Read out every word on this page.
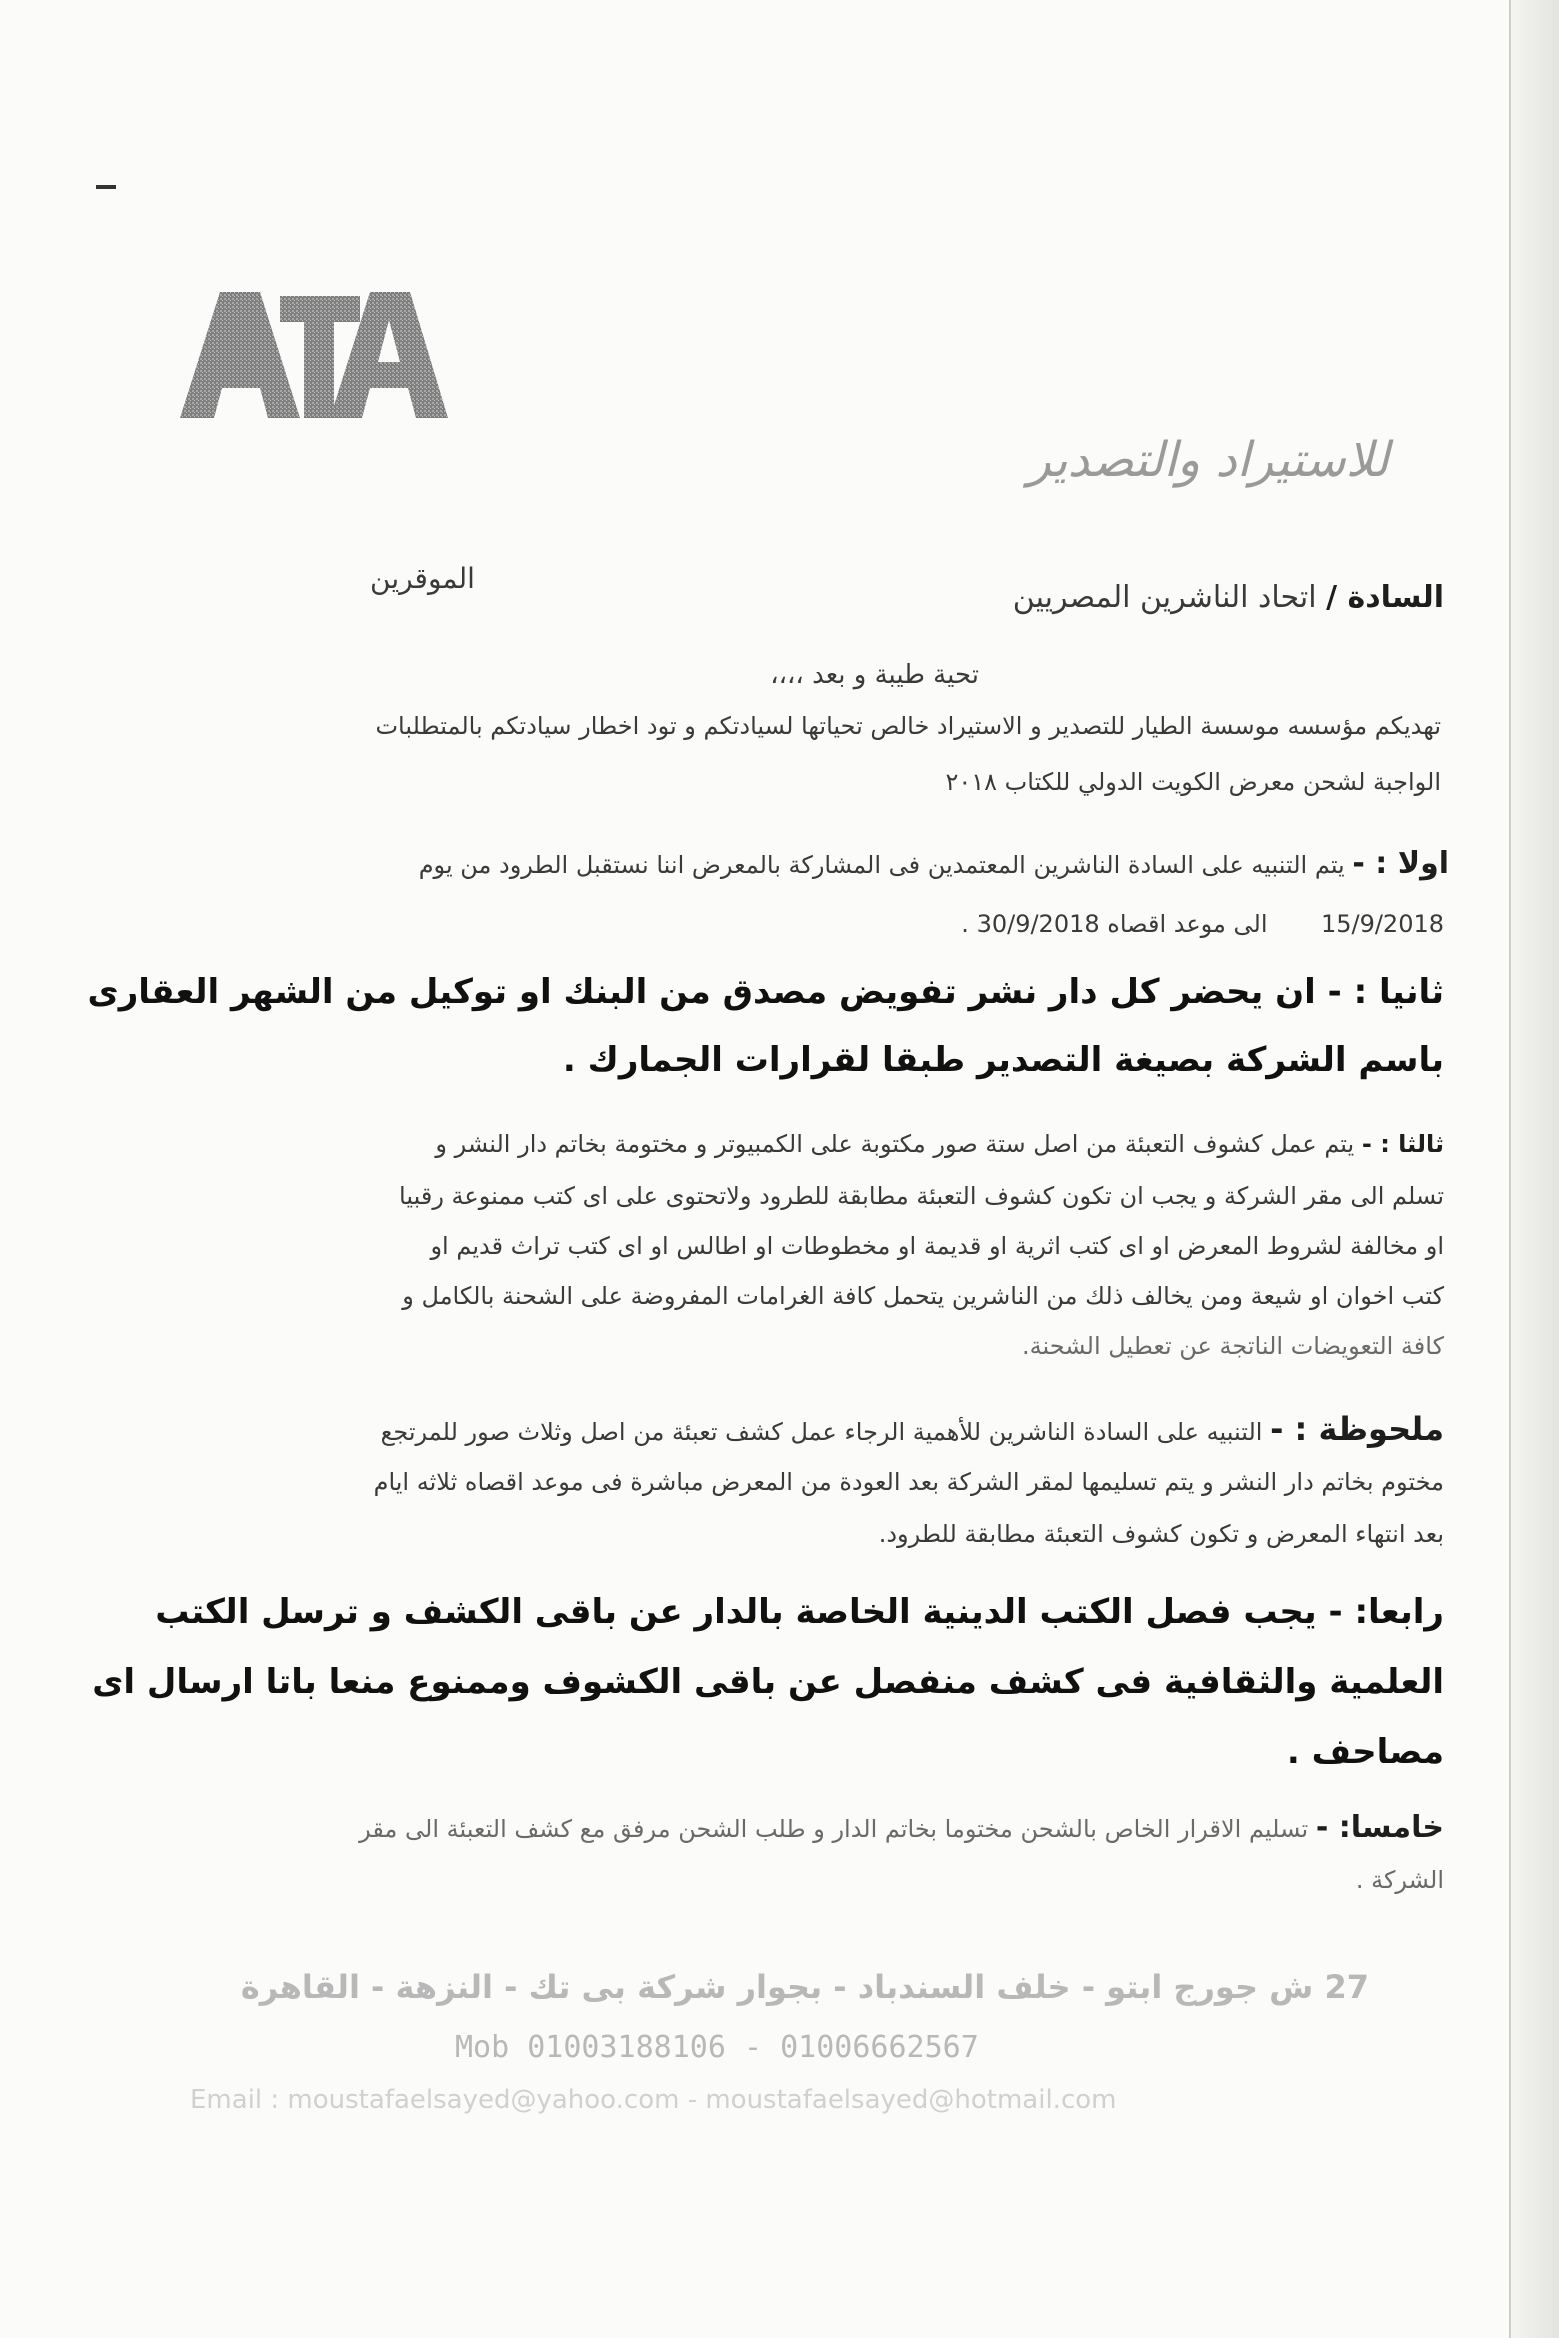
للاستيراد والتصدير
السادة / اتحاد الناشرين المصريين
الموقرين
تحية طيبة و بعد ،،،،
تهديكم مؤسسه موسسة الطيار للتصدير و الاستيراد خالص تحياتها لسيادتكم و تود اخطار سيادتكم بالمتطلبات
الواجبة لشحن معرض الكويت الدولي للكتاب ٢٠١٨
اولا : - يتم التنبيه على السادة الناشرين المعتمدين فى المشاركة بالمعرض اننا نستقبل الطرود من يوم
15/9/2018       الى موعد اقصاه 30/9/2018 .
ثانيا : - ان يحضر كل دار نشر تفويض مصدق من البنك او توكيل من الشهر العقارى
باسم الشركة بصيغة التصدير طبقا لقرارات الجمارك .
ثالثا : - يتم عمل كشوف التعبئة من اصل ستة صور مكتوبة على الكمبيوتر و مختومة بخاتم دار النشر و
تسلم الى مقر الشركة و يجب ان تكون كشوف التعبئة مطابقة للطرود ولاتحتوى على اى كتب ممنوعة رقبيا
او مخالفة لشروط المعرض او اى كتب اثرية او قديمة او مخطوطات او اطالس او اى كتب تراث قديم او
كتب اخوان او شيعة ومن يخالف ذلك من الناشرين يتحمل كافة الغرامات المفروضة على الشحنة بالكامل و
كافة التعويضات الناتجة عن تعطيل الشحنة.
ملحوظة : - التنبيه على السادة الناشرين للأهمية الرجاء عمل كشف تعبئة من اصل وثلاث صور للمرتجع
مختوم بخاتم دار النشر و يتم تسليمها لمقر الشركة بعد العودة من المعرض مباشرة فى موعد اقصاه ثلاثه ايام
بعد انتهاء المعرض و تكون كشوف التعبئة مطابقة للطرود.
رابعا: - يجب فصل الكتب الدينية الخاصة بالدار عن باقى الكشف و ترسل الكتب
العلمية والثقافية فى كشف منفصل عن باقى الكشوف وممنوع منعا باتا ارسال اى
مصاحف .
خامسا: - تسليم الاقرار الخاص بالشحن مختوما بخاتم الدار و طلب الشحن مرفق مع كشف التعبئة الى مقر
الشركة .
27 ش جورج ابتو - خلف السندباد - بجوار شركة بى تك - النزهة - القاهرة
Mob 01003188106 - 01006662567
Email : moustafaelsayed@yahoo.com - moustafaelsayed@hotmail.com
